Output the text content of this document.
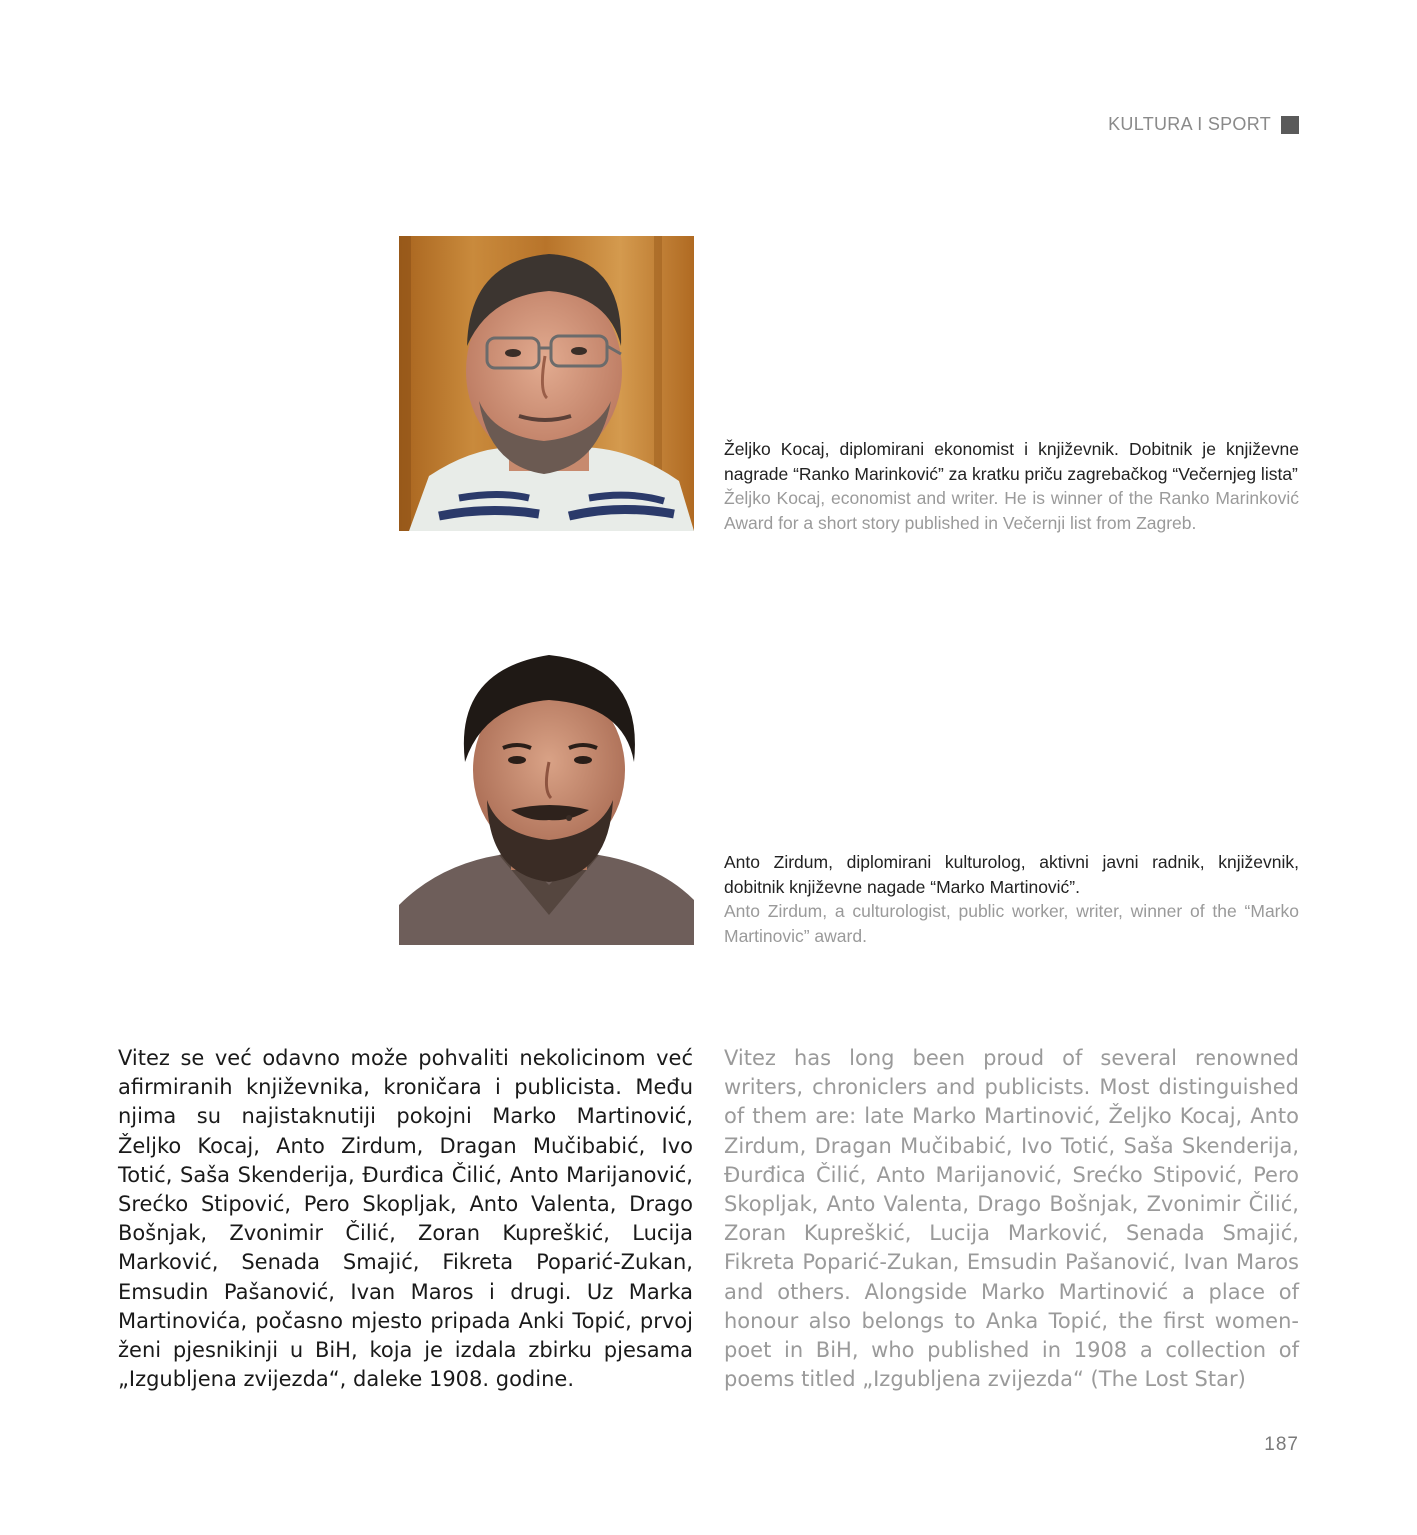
KULTURA I SPORT
Željko Kocaj, diplomirani ekonomist i književnik. Dobitnik je književne nagrade “Ranko Marinković” za kratku priču zagrebačkog “Večernjeg lista”
Željko Kocaj, economist and writer. He is winner of the Ranko Marinković Award for a short story published in Večernji list from Zagreb.
Anto Zirdum, diplomirani kulturolog, aktivni javni radnik, književnik, dobitnik književne nagade “Marko Martinović”.
Anto Zirdum, a culturologist, public worker, writer, winner of the “Marko Martinovic” award.
Vitez se već odavno može pohvaliti nekolicinom već afirmiranih književnika, kroničara i publicista. Među njima su najistaknutiji pokojni Marko Martinović, Željko Kocaj, Anto Zirdum, Dragan Mučibabić, Ivo Totić, Saša Skenderija, Đurđica Čilić, Anto Marijanović, Srećko Stipović, Pero Skopljak, Anto Valenta, Drago Bošnjak, Zvonimir Čilić, Zoran Kupreškić, Lucija Marković, Senada Smajić, Fikreta Poparić-Zukan, Emsudin Pašanović, Ivan Maros i drugi. Uz Marka Martinovića, počasno mjesto pripada Anki Topić, prvoj ženi pjesnikinji u BiH, koja je izdala zbirku pjesama „Izgubljena zvijezda“, daleke 1908. godine.
Vitez has long been proud of several renowned writers, chroniclers and publicists. Most distinguished of them are: late Marko Martinović, Željko Kocaj, Anto Zirdum, Dragan Mučibabić, Ivo Totić, Saša Skenderija, Đurđica Čilić, Anto Marijanović, Srećko Stipović, Pero Skopljak, Anto Valenta, Drago Bošnjak, Zvonimir Čilić, Zoran Kupreškić, Lucija Marković, Senada Smajić, Fikreta Poparić-Zukan, Emsudin Pašanović, Ivan Maros and others. Alongside Marko Martinović a place of honour also belongs to Anka Topić, the first women-poet in BiH, who published in 1908 a collection of poems titled „Izgubljena zvijezda“ (The Lost Star)
187
